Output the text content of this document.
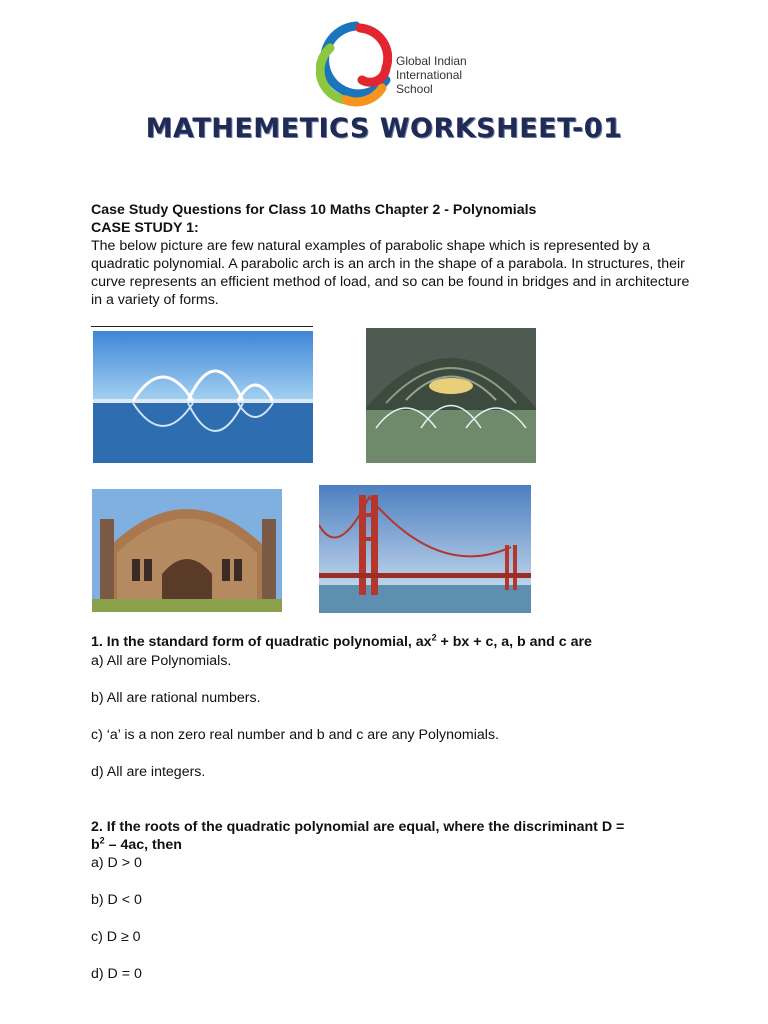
Global Indian
International
School
MATHEMETICS WORKSHEET-01
Case Study Questions for Class 10 Maths Chapter 2 - Polynomials
CASE STUDY 1:
The below picture are few natural examples of parabolic shape which is represented by a quadratic polynomial. A parabolic arch is an arch in the shape of a parabola. In structures, their curve represents an efficient method of load, and so can be found in bridges and in architecture in a variety of forms.
1. In the standard form of quadratic polynomial, $ax^2$ + bx + c, a, b and c are
a) All are Polynomials.
b) All are rational numbers.
c) ‘a’ is a non zero real number and b and c are any Polynomials.
d) All are integers.
2. If the roots of the quadratic polynomial are equal, where the discriminant D =
$b^2 - 4ac$, then
a) D > 0
b) D < 0
c) D ≥ 0
d) D = 0
